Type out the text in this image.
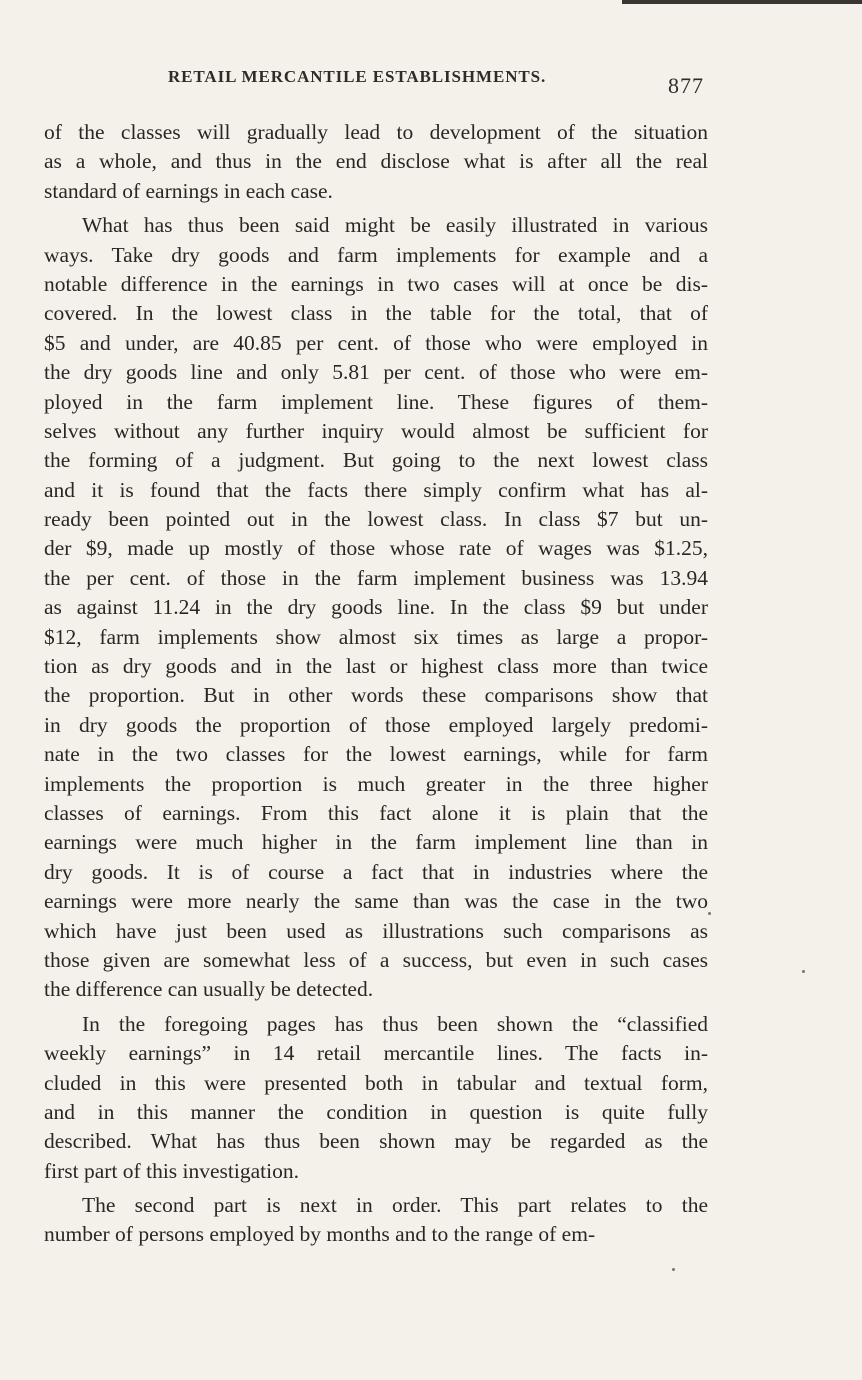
RETAIL MERCANTILE ESTABLISHMENTS.	877
of the classes will gradually lead to development of the situation
as a whole, and thus in the end disclose what is after all the real
standard of earnings in each case.
What has thus been said might be easily illustrated in various
ways. Take dry goods and farm implements for example and a
notable difference in the earnings in two cases will at once be dis-
covered. In the lowest class in the table for the total, that of
$5 and under, are 40.85 per cent. of those who were employed in
the dry goods line and only 5.81 per cent. of those who were em-
ployed in the farm implement line. These figures of them-
selves without any further inquiry would almost be sufficient for
the forming of a judgment. But going to the next lowest class
and it is found that the facts there simply confirm what has al-
ready been pointed out in the lowest class. In class $7 but un-
der $9, made up mostly of those whose rate of wages was $1.25,
the per cent. of those in the farm implement business was 13.94
as against 11.24 in the dry goods line. In the class $9 but under
$12, farm implements show almost six times as large a propor-
tion as dry goods and in the last or highest class more than twice
the proportion. But in other words these comparisons show that
in dry goods the proportion of those employed largely predomi-
nate in the two classes for the lowest earnings, while for farm
implements the proportion is much greater in the three higher
classes of earnings. From this fact alone it is plain that the
earnings were much higher in the farm implement line than in
dry goods. It is of course a fact that in industries where the
earnings were more nearly the same than was the case in the two
which have just been used as illustrations such comparisons as
those given are somewhat less of a success, but even in such cases
the difference can usually be detected.
In the foregoing pages has thus been shown the “classified
weekly earnings” in 14 retail mercantile lines. The facts in-
cluded in this were presented both in tabular and textual form,
and in this manner the condition in question is quite fully
described. What has thus been shown may be regarded as the
first part of this investigation.
The second part is next in order. This part relates to the
number of persons employed by months and to the range of em-
